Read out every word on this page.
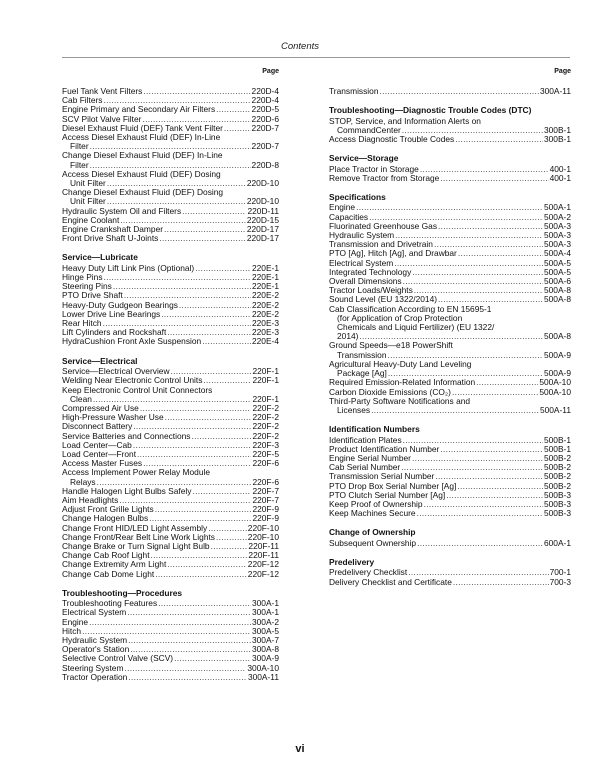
Contents
Page
Fuel Tank Vent Filters .....	220D-4
Cab Filters .....	220D-4
Engine Primary and Secondary Air Filters .....	220D-5
SCV Pilot Valve Filter .....	220D-6
Diesel Exhaust Fluid (DEF) Tank Vent Filter .....	220D-7
Access Diesel Exhaust Fluid (DEF) In-Line
Filter .....	220D-7
Change Diesel Exhaust Fluid (DEF) In-Line
Filter .....	220D-8
Access Diesel Exhaust Fluid (DEF) Dosing
Unit Filter .....	220D-10
Change Diesel Exhaust Fluid (DEF) Dosing
Unit Filter .....	220D-10
Hydraulic System Oil and Filters .....	220D-11
Engine Coolant .....	220D-15
Engine Crankshaft Damper .....	220D-17
Front Drive Shaft U-Joints .....	220D-17
Service—Lubricate
Heavy Duty Lift Link Pins (Optional) .....	220E-1
Hinge Pins .....	220E-1
Steering Pins .....	220E-1
PTO Drive Shaft .....	220E-2
Heavy-Duty Gudgeon Bearings .....	220E-2
Lower Drive Line Bearings .....	220E-2
Rear Hitch .....	220E-3
Lift Cylinders and Rockshaft .....	220E-3
HydraCushion Front Axle Suspension .....	220E-4
Service—Electrical
Service—Electrical Overview .....	220F-1
Welding Near Electronic Control Units .....	220F-1
Keep Electronic Control Unit Connectors
Clean .....	220F-1
Compressed Air Use .....	220F-2
High-Pressure Washer Use .....	220F-2
Disconnect Battery .....	220F-2
Service Batteries and Connections .....	220F-2
Load Center—Cab .....	220F-3
Load Center—Front .....	220F-5
Access Master Fuses .....	220F-6
Access Implement Power Relay Module
Relays .....	220F-6
Handle Halogen Light Bulbs Safely .....	220F-7
Aim Headlights .....	220F-7
Adjust Front Grille Lights .....	220F-9
Change Halogen Bulbs .....	220F-9
Change Front HID/LED Light Assembly .....	220F-10
Change Front/Rear Belt Line Work Lights .....	220F-10
Change Brake or Turn Signal Light Bulb .....	220F-11
Change Cab Roof Light .....	220F-11
Change Extremity Arm Light .....	220F-12
Change Cab Dome Light .....	220F-12
Troubleshooting—Procedures
Troubleshooting Features .....	300A-1
Electrical System .....	300A-1
Engine .....	300A-2
Hitch .....	300A-5
Hydraulic System .....	300A-7
Operator's Station .....	300A-8
Selective Control Valve (SCV) .....	300A-9
Steering System .....	300A-10
Tractor Operation .....	300A-11
Page
Transmission .....	300A-11
Troubleshooting—Diagnostic Trouble Codes (DTC)
STOP, Service, and Information Alerts on
CommandCenter .....	300B-1
Access Diagnostic Trouble Codes .....	300B-1
Service—Storage
Place Tractor in Storage .....	400-1
Remove Tractor from Storage .....	400-1
Specifications
Engine .....	500A-1
Capacities .....	500A-2
Fluorinated Greenhouse Gas .....	500A-3
Hydraulic System .....	500A-3
Transmission and Drivetrain .....	500A-3
PTO [Ag], Hitch [Ag], and Drawbar .....	500A-4
Electrical System .....	500A-5
Integrated Technology .....	500A-5
Overall Dimensions .....	500A-6
Tractor Loads/Weights .....	500A-8
Sound Level (EU 1322/2014) .....	500A-8
Cab Classification According to EN 15695-1
(for Application of Crop Protection
Chemicals and Liquid Fertilizer) (EU 1322/
2014) .....	500A-8
Ground Speeds—e18 PowerShift
Transmission .....	500A-9
Agricultural Heavy-Duty Land Leveling
Package [Ag] .....	500A-9
Required Emission-Related Information .....	500A-10
Carbon Dioxide Emissions (CO₂) .....	500A-10
Third-Party Software Notifications and
Licenses .....	500A-11
Identification Numbers
Identification Plates .....	500B-1
Product Identification Number .....	500B-1
Engine Serial Number .....	500B-2
Cab Serial Number .....	500B-2
Transmission Serial Number .....	500B-2
PTO Drop Box Serial Number [Ag] .....	500B-2
PTO Clutch Serial Number [Ag] .....	500B-3
Keep Proof of Ownership .....	500B-3
Keep Machines Secure .....	500B-3
Change of Ownership
Subsequent Ownership .....	600A-1
Predelivery
Predelivery Checklist .....	700-1
Delivery Checklist and Certificate .....	700-3
vi
